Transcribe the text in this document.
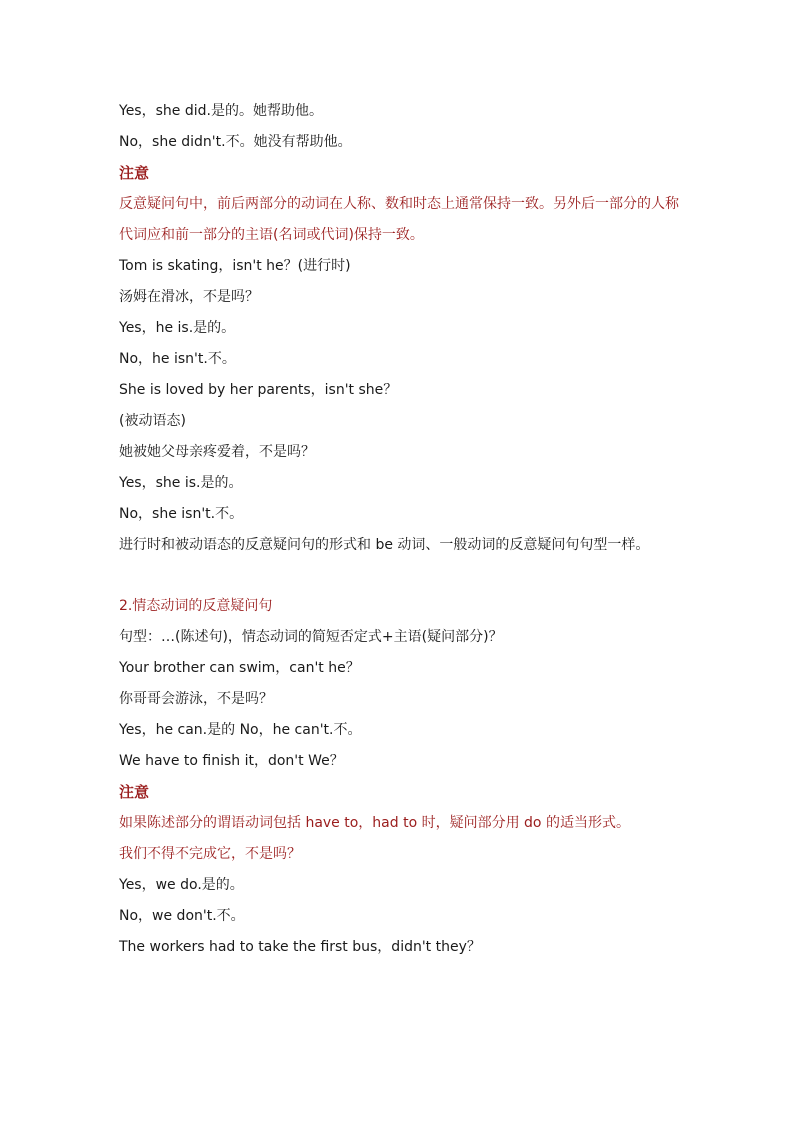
Yes，she did.是的。她帮助他。
No，she didn't.不。她没有帮助他。
注意
反意疑问句中，前后两部分的动词在人称、数和时态上通常保持一致。另外后一部分的人称代词应和前一部分的主语(名词或代词)保持一致。
Tom is skating，isn't he？(进行时)
汤姆在滑冰，不是吗？
Yes，he is.是的。
No，he isn't.不。
She is loved by her parents，isn't she？
(被动语态)
她被她父母亲疼爱着，不是吗？
Yes，she is.是的。
No，she isn't.不。
进行时和被动语态的反意疑问句的形式和 be 动词、一般动词的反意疑问句句型一样。
2.情态动词的反意疑问句
句型：…(陈述句)，情态动词的简短否定式+主语(疑问部分)？
Your brother can swim，can't he？
你哥哥会游泳，不是吗？
Yes，he can.是的 No，he can't.不。
We have to finish it，don't We？
注意
如果陈述部分的谓语动词包括 have to，had to 时，疑问部分用 do 的适当形式。
我们不得不完成它，不是吗？
Yes，we do.是的。
No，we don't.不。
The workers had to take the first bus，didn't they？
